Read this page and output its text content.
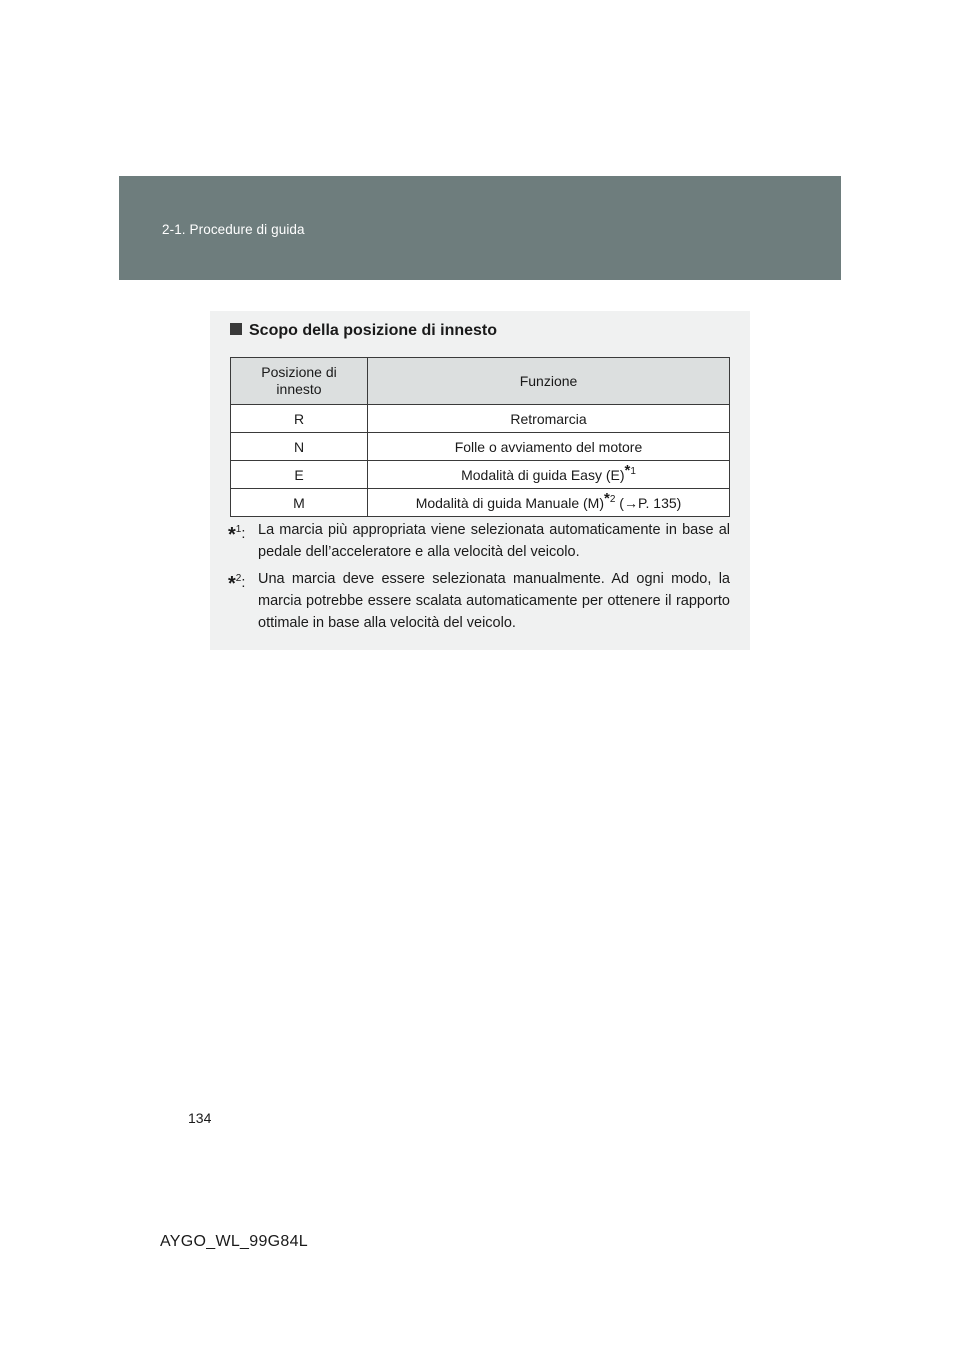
2-1. Procedure di guida
Scopo della posizione di innesto
Posizione di innesto	Funzione
R	Retromarcia
N	Folle o avviamento del motore
E	Modalità di guida Easy $(E)^{*1}$
M	Modalità di guida Manuale $(M)^{*2}$ (→P. 135)
*$^1$: La marcia più appropriata viene selezionata automaticamente in base al pedale dell’acceleratore e alla velocità del veicolo.
*$^2$: Una marcia deve essere selezionata manualmente. Ad ogni modo, la marcia potrebbe essere scalata automaticamente per ottenere il rapporto ottimale in base alla velocità del veicolo.
134
AYGO_WL_99G84L
